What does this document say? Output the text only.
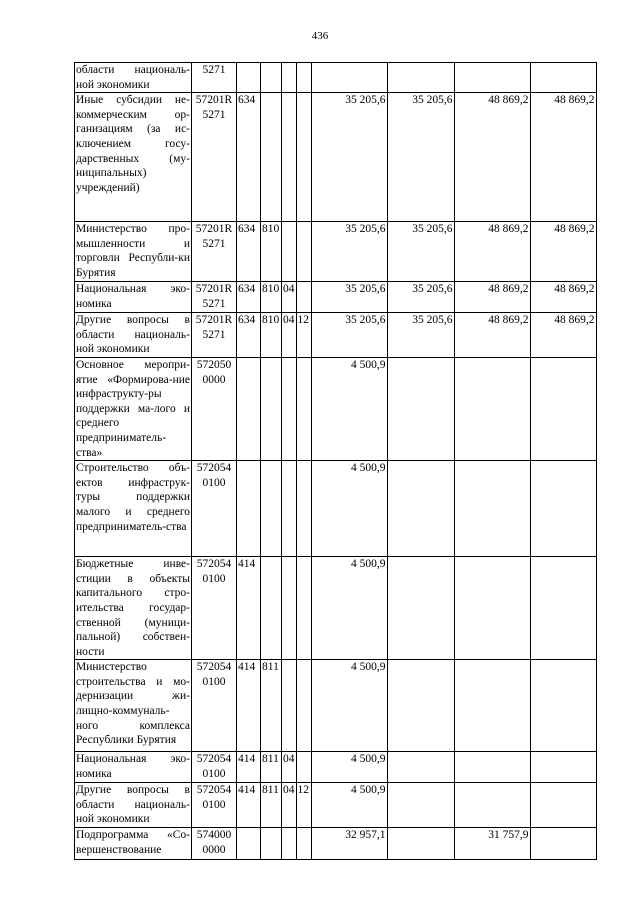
436
области националь-ной экономики	5271								
Иные субсидии не-коммерческим ор-ганизациям (за ис-ключением госу-дарственных (му-ниципальных) учреждений)	57201R 5271	634				35 205,6	35 205,6	48 869,2	48 869,2
Министерство про-мышленности и торговли Республи-ки Бурятия	57201R 5271	634	810			35 205,6	35 205,6	48 869,2	48 869,2
Национальная эко-номика	57201R 5271	634	810	04		35 205,6	35 205,6	48 869,2	48 869,2
Другие вопросы в области националь-ной экономики	57201R 5271	634	810	04	12	35 205,6	35 205,6	48 869,2	48 869,2
Основное меропри-ятие «Формирова-ние инфраструкту-ры поддержки ма-лого и среднего предприниматель-ства»	572050 0000					4 500,9			
Строительство объ-ектов инфраструк-туры поддержки малого и среднего предприниматель-ства	572054 0100					4 500,9			
Бюджетные инве-стиции в объекты капитального стро-ительства государ-ственной (муници-пальной) собствен-ности	572054 0100	414				4 500,9			
Министерство строительства и мо-дернизации жи-лищно-коммуналь-ного комплекса Республики Бурятия	572054 0100	414	811			4 500,9			
Национальная эко-номика	572054 0100	414	811	04		4 500,9			
Другие вопросы в области националь-ной экономики	572054 0100	414	811	04	12	4 500,9			
Подпрограмма «Со-вершенствование	574000 0000					32 957,1		31 757,9	
